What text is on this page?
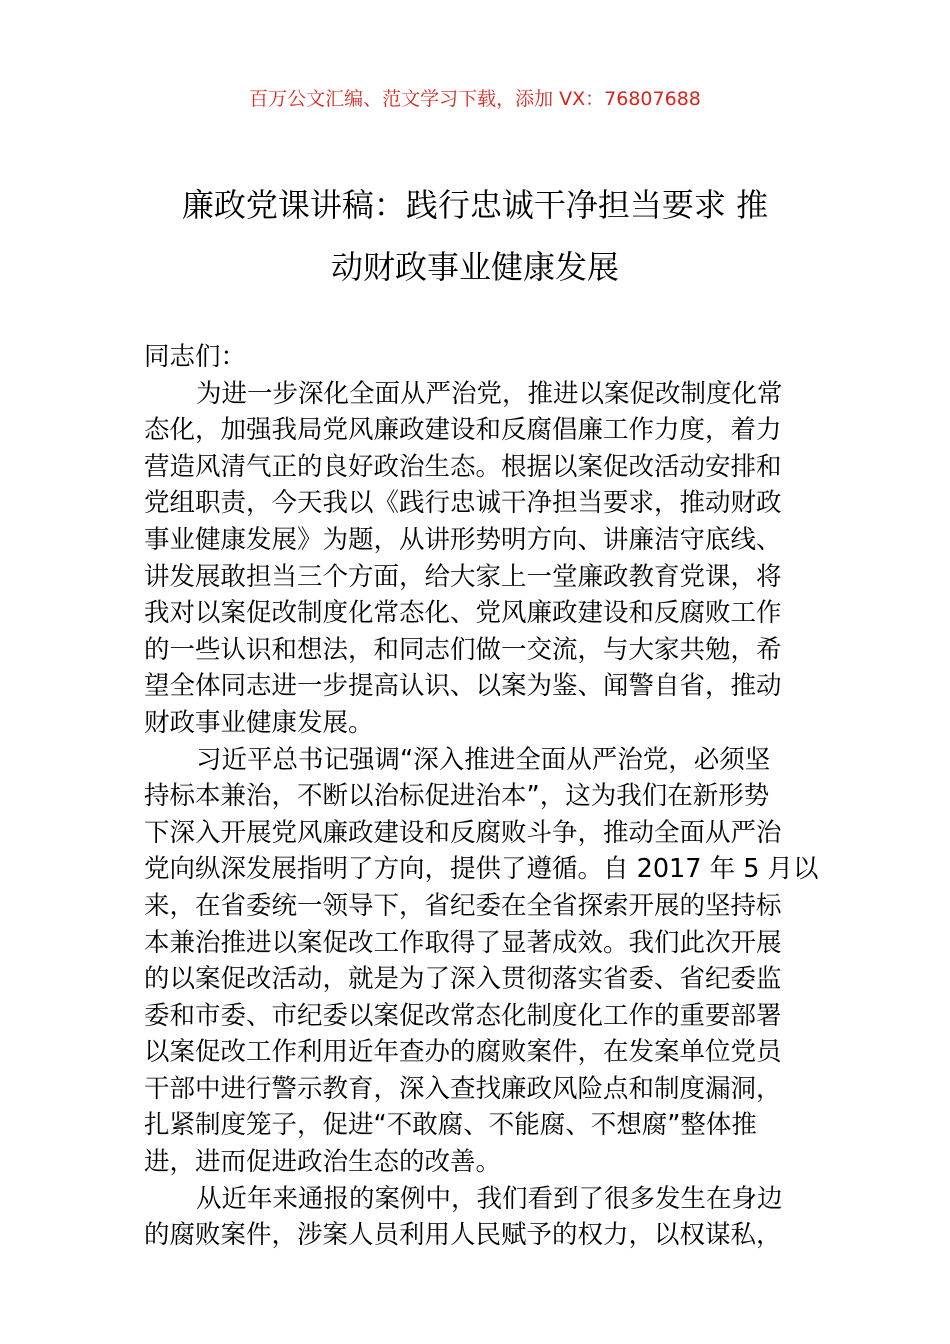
百万公文汇编、范文学习下载，添加 VX：76807688
廉政党课讲稿：践行忠诚干净担当要求 推
动财政事业健康发展
同志们：
为进一步深化全面从严治党，推进以案促改制度化常
态化，加强我局党风廉政建设和反腐倡廉工作力度，着力
营造风清气正的良好政治生态。根据以案促改活动安排和
党组职责，今天我以《践行忠诚干净担当要求，推动财政
事业健康发展》为题，从讲形势明方向、讲廉洁守底线、
讲发展敢担当三个方面，给大家上一堂廉政教育党课，将
我对以案促改制度化常态化、党风廉政建设和反腐败工作
的一些认识和想法，和同志们做一交流，与大家共勉，希
望全体同志进一步提高认识、以案为鉴、闻警自省，推动
财政事业健康发展。
习近平总书记强调“深入推进全面从严治党，必须坚
持标本兼治，不断以治标促进治本”，这为我们在新形势
下深入开展党风廉政建设和反腐败斗争，推动全面从严治
党向纵深发展指明了方向，提供了遵循。自 2017 年 5 月以
来，在省委统一领导下，省纪委在全省探索开展的坚持标
本兼治推进以案促改工作取得了显著成效。我们此次开展
的以案促改活动，就是为了深入贯彻落实省委、省纪委监
委和市委、市纪委以案促改常态化制度化工作的重要部署
以案促改工作利用近年查办的腐败案件，在发案单位党员
干部中进行警示教育，深入查找廉政风险点和制度漏洞，
扎紧制度笼子，促进“不敢腐、不能腐、不想腐”整体推
进，进而促进政治生态的改善。
从近年来通报的案例中，我们看到了很多发生在身边
的腐败案件，涉案人员利用人民赋予的权力，以权谋私，
